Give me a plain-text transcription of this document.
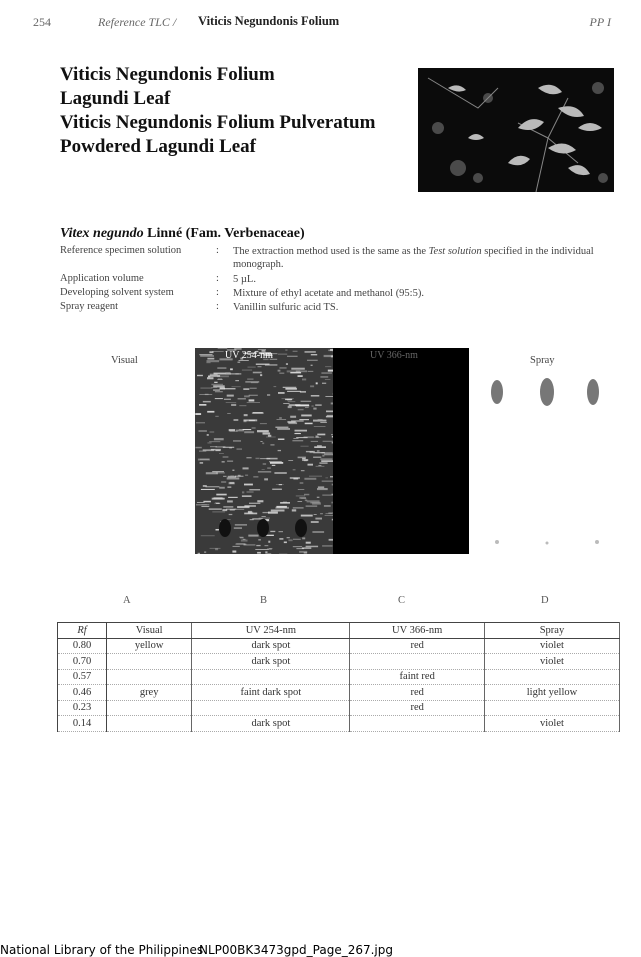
254	Reference TLC / Viticis Negundonis Folium	PP I
Viticis Negundonis Folium
Lagundi Leaf
Viticis Negundonis Folium Pulveratum
Powdered Lagundi Leaf
Vitex negundo Linné (Fam. Verbenaceae)
Reference specimen solution	: The extraction method used is the same as the Test solution specified in the individual monograph.
Application volume	: 5 µL.
Developing solvent system	: Mixture of ethyl acetate and methanol (95:5).
Spray reagent	: Vanillin sulfuric acid TS.
Visual	Spray
UV 254-nm	UV 366-nm
A	B	C	D
Rf	Visual	UV 254-nm	UV 366-nm	Spray
0.80	yellow	dark spot	red	violet
0.70		dark spot		violet
0.57			faint red	
0.46	grey	faint dark spot	red	light yellow
0.23			red	
0.14		dark spot		violet
National Library of the Philippines
NLP00BK3473gpd_Page_267.jpg
